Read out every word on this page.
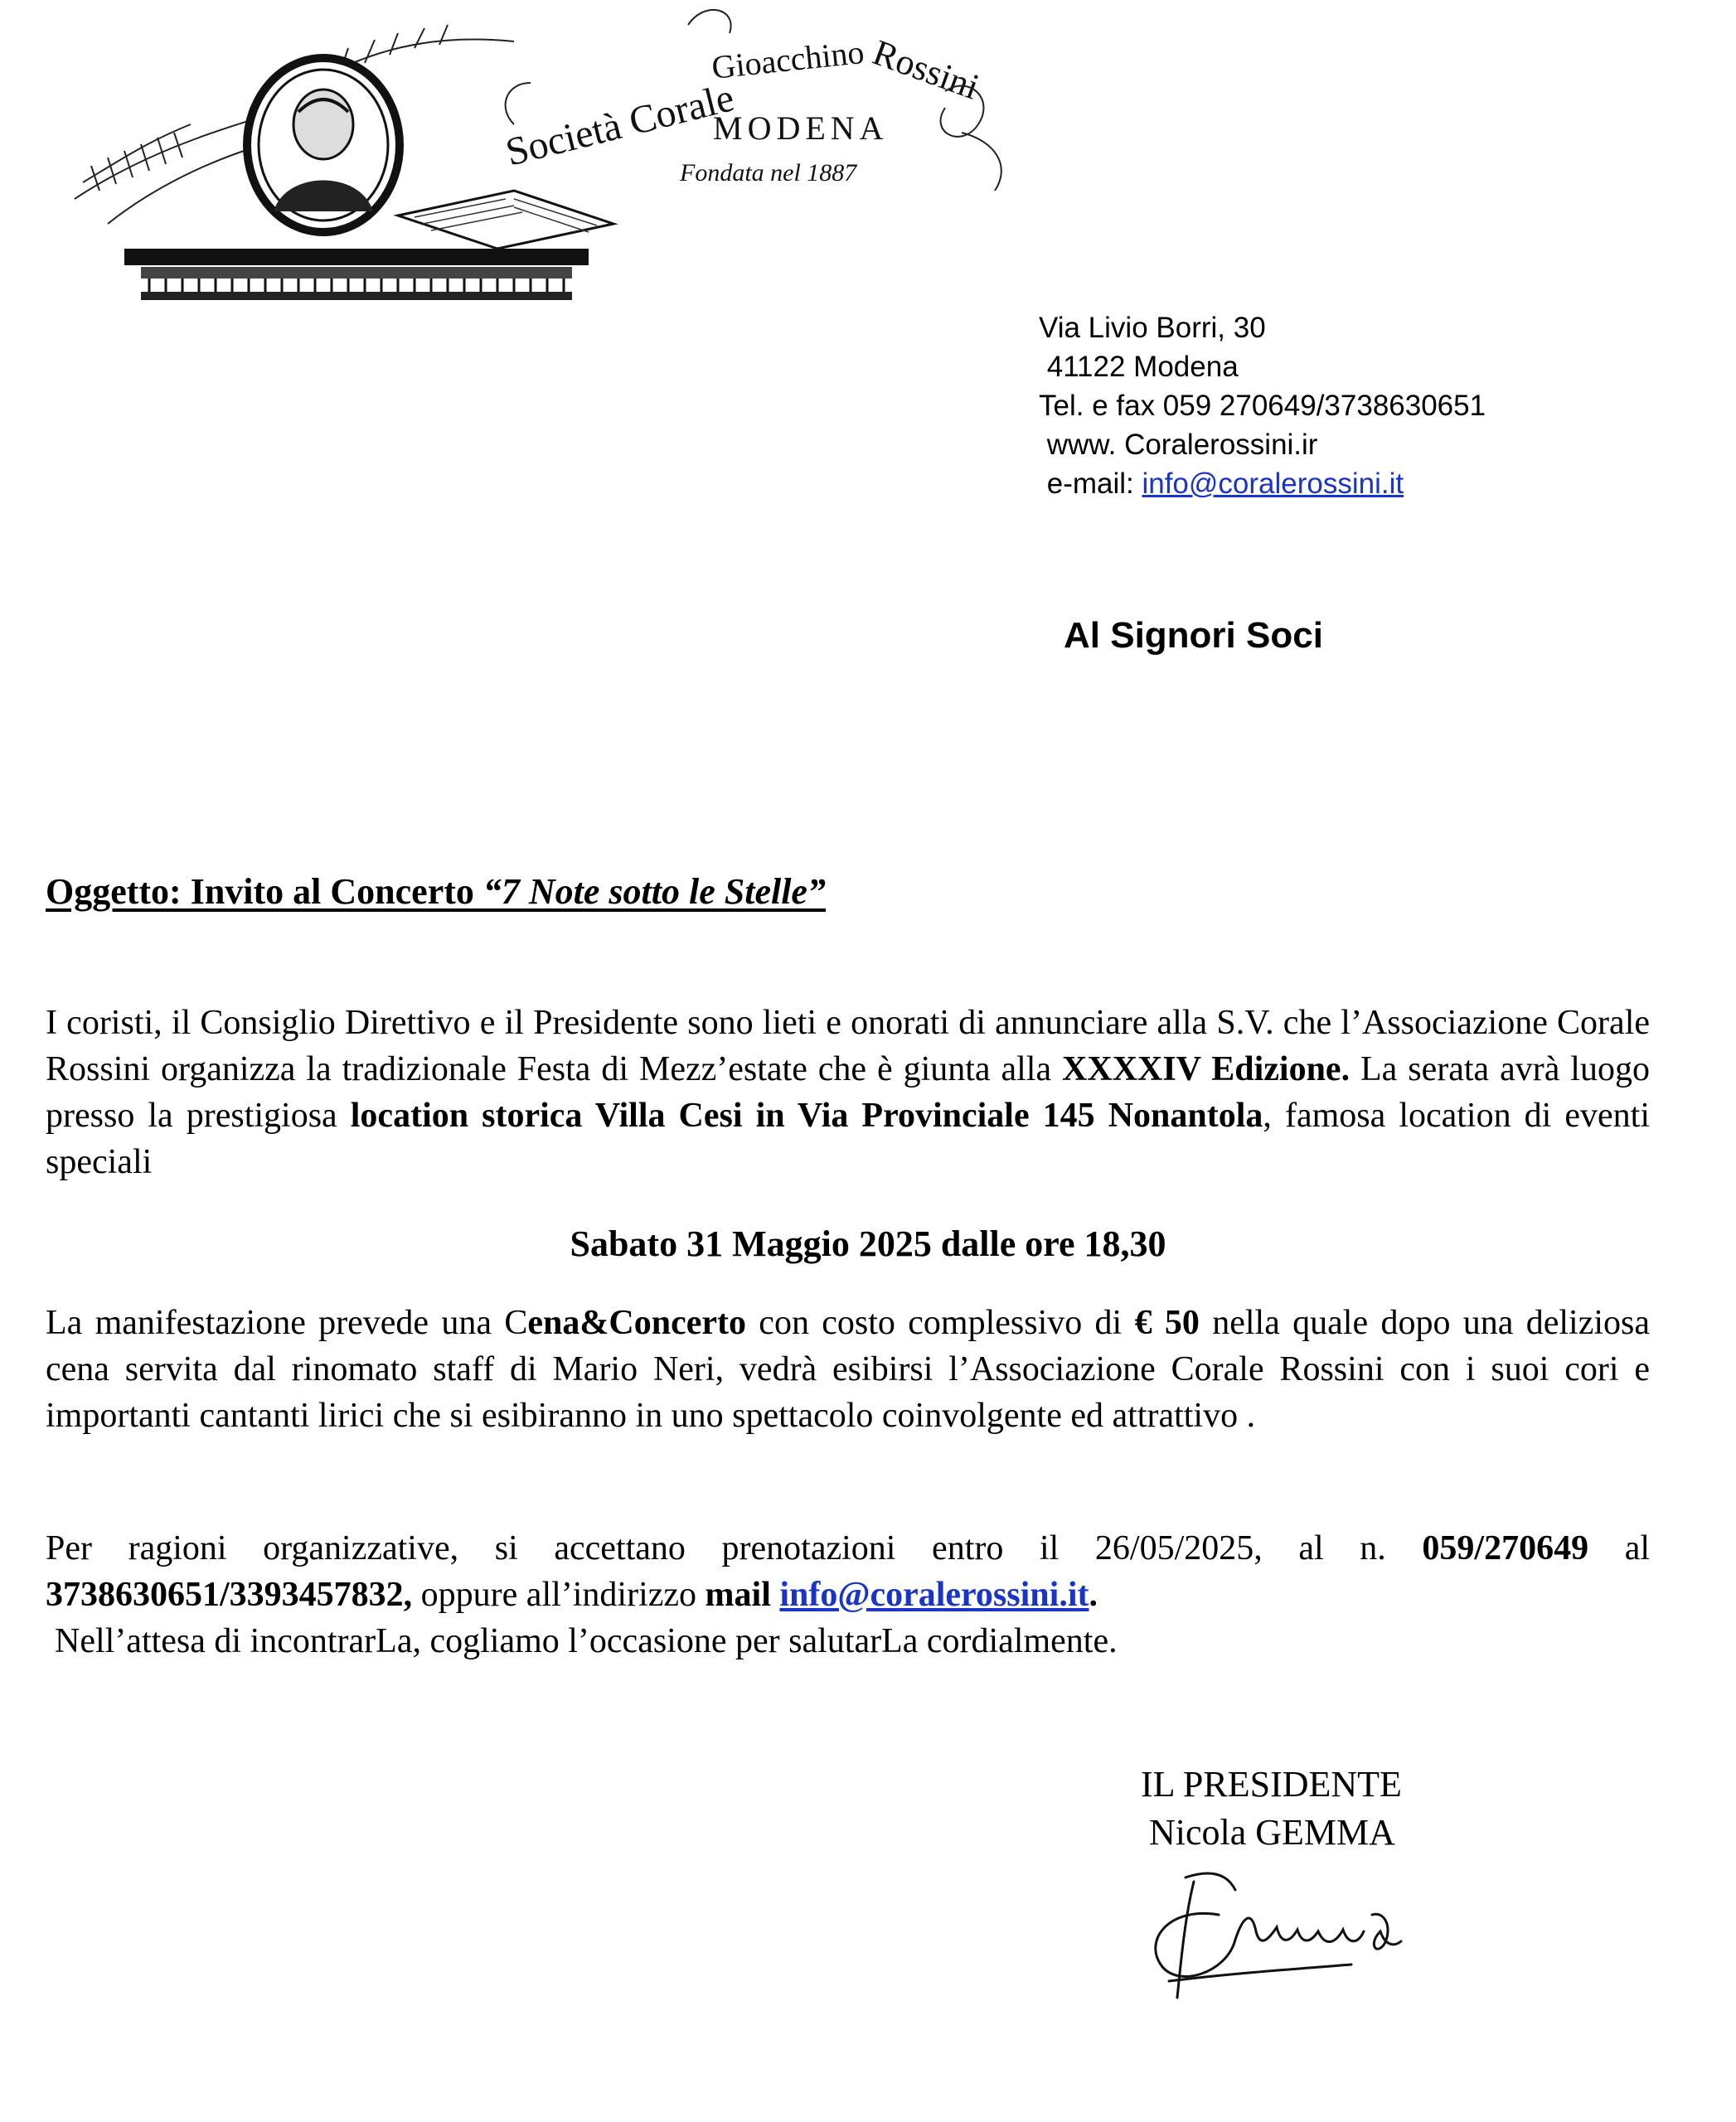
Società Corale
Gioacchino Rossini
MODENA
Fondata nel 1887
Via Livio Borri, 30
41122 Modena
Tel. e fax 059 270649/3738630651
www. Coralerossini.ir
e-mail: info@coralerossini.it
Al Signori Soci
Oggetto: Invito al Concerto “7 Note sotto le Stelle”
I coristi, il Consiglio Direttivo e il Presidente sono lieti e onorati di annunciare alla S.V. che l’Associazione Corale Rossini organizza la tradizionale Festa di Mezz’estate che è giunta alla XXXXIV Edizione. La serata avrà luogo presso la prestigiosa location storica Villa Cesi in Via Provinciale 145 Nonantola, famosa location di eventi speciali
Sabato 31 Maggio 2025 dalle ore 18,30
La manifestazione prevede una Cena&Concerto con costo complessivo di € 50 nella quale dopo una deliziosa cena servita dal rinomato staff di Mario Neri, vedrà esibirsi l’Associazione Corale Rossini con i suoi cori e importanti cantanti lirici che si esibiranno in uno spettacolo coinvolgente ed attrattivo .
Per ragioni organizzative, si accettano prenotazioni entro il 26/05/2025, al n. 059/270649 al 3738630651/3393457832, oppure all’indirizzo mail info@coralerossini.it.
Nell’attesa di incontrarLa, cogliamo l’occasione per salutarLa cordialmente.
IL PRESIDENTE
Nicola GEMMA
